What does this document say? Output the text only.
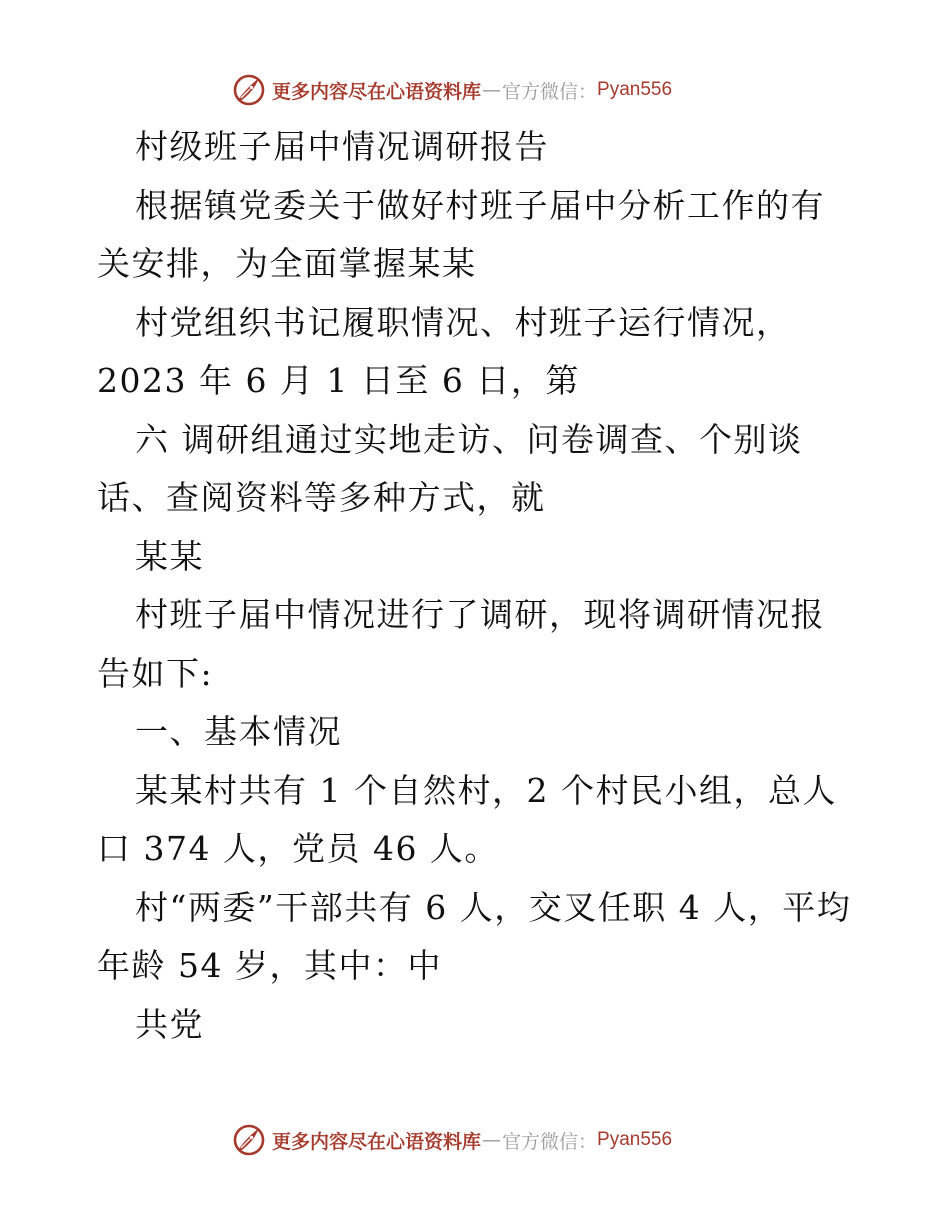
更多内容尽在心语资料库 — 官方微信： Pyan556

村级班子届中情况调研报告

根据镇党委关于做好村班子届中分析工作的有关安排，为全面掌握某某

村党组织书记履职情况、村班子运行情况，2023 年 6 月 1 日至 6 日，第

六 调研组通过实地走访、问卷调查、个别谈话、查阅资料等多种方式，就

某某

村班子届中情况进行了调研，现将调研情况报告如下:

一、基本情况

某某村共有 1 个自然村，2 个村民小组，总人口 374 人，党员 46 人。

村“两委”干部共有 6 人，交叉任职 4 人，平均年龄 54 岁，其中：中

共党

更多内容尽在心语资料库 — 官方微信： Pyan556
